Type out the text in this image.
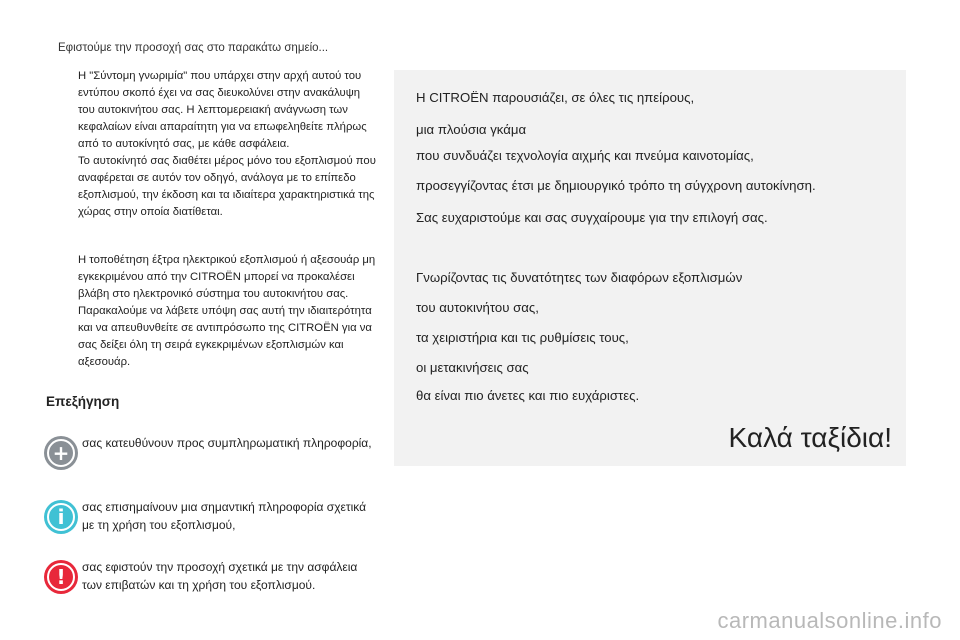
Εφιστούμε την προσοχή σας στο παρακάτω σημείο...

Η "Σύντομη γνωριμία" που υπάρχει στην αρχή αυτού του εντύπου σκοπό έχει να σας διευκολύνει στην ανακάλυψη του αυτοκινήτου σας. Η λεπτομερειακή ανάγνωση των κεφαλαίων είναι απαραίτητη για να επωφεληθείτε πλήρως από το αυτοκίνητό σας, με κάθε ασφάλεια.
Το αυτοκίνητό σας διαθέτει μέρος μόνο του εξοπλισμού που αναφέρεται σε αυτόν τον οδηγό, ανάλογα με το επίπεδο εξοπλισμού, την έκδοση και τα ιδιαίτερα χαρακτηριστικά της χώρας στην οποία διατίθεται.

Η τοποθέτηση έξτρα ηλεκτρικού εξοπλισμού ή αξεσουάρ μη εγκεκριμένου από την CITROËN μπορεί να προκαλέσει βλάβη στο ηλεκτρονικό σύστημα του αυτοκινήτου σας. Παρακαλούμε να λάβετε υπόψη σας αυτή την ιδιαιτερότητα και να απευθυνθείτε σε αντιπρόσωπο της CITROËN για να σας δείξει όλη τη σειρά εγκεκριμένων εξοπλισμών και αξεσουάρ.

Επεξήγηση
+	σας κατευθύνουν προς συμπληρωματική πληροφορία,
i	σας επισημαίνουν μια σημαντική πληροφορία σχετικά με τη χρήση του εξοπλισμού,
!	σας εφιστούν την προσοχή σχετικά με την ασφάλεια των επιβατών και τη χρήση του εξοπλισμού.

Η CITROËN παρουσιάζει, σε όλες τις ηπείρους,

μια πλούσια γκάμα

που συνδυάζει τεχνολογία αιχμής και πνεύμα καινοτομίας,

προσεγγίζοντας έτσι με δημιουργικό τρόπο τη σύγχρονη αυτοκίνηση.

Σας ευχαριστούμε και σας συγχαίρουμε για την επιλογή σας.

Γνωρίζοντας τις δυνατότητες των διαφόρων εξοπλισμών

του αυτοκινήτου σας,

τα χειριστήρια και τις ρυθμίσεις τους,

οι μετακινήσεις σας

θα είναι πιο άνετες και πιο ευχάριστες.

Καλά ταξίδια!
carmanualsonline.info
